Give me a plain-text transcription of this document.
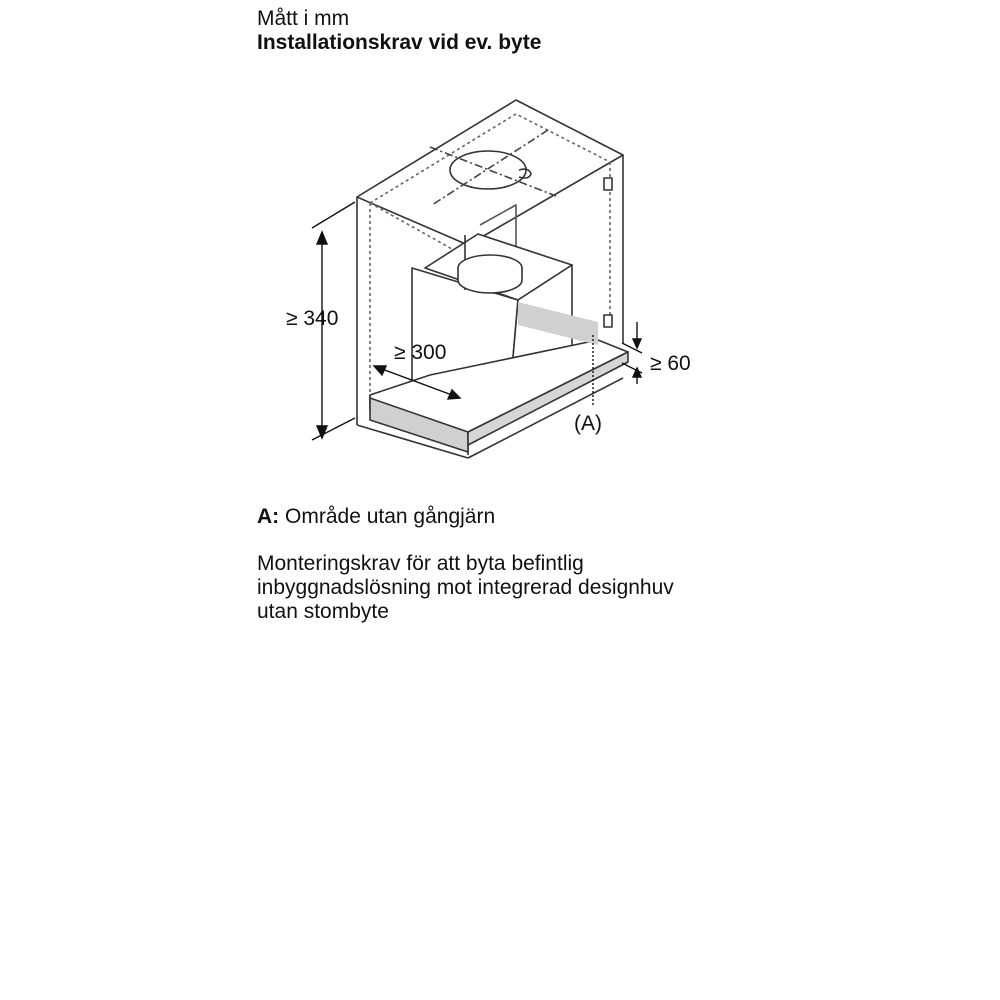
Mått i mm
Installationskrav vid ev. byte
≥ 340
≥ 300	≥ 60
(A)
A: Område utan gångjärn
Monteringskrav för att byta befintlig
inbyggnadslösning mot integrerad designhuv
utan stombyte
